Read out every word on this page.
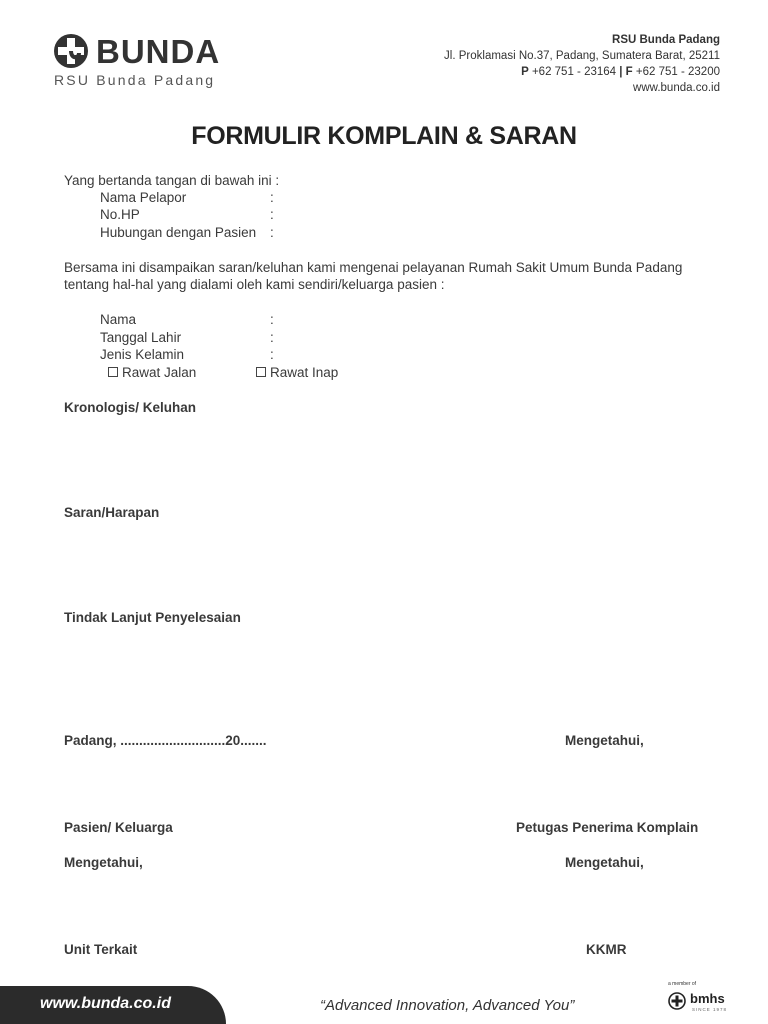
BUNDA
RSU Bunda Padang
RSU Bunda Padang
Jl. Proklamasi No.37, Padang, Sumatera Barat, 25211
P +62 751 - 23164 | F +62 751 - 23200
www.bunda.co.id
FORMULIR KOMPLAIN & SARAN
Yang bertanda tangan di bawah ini :
Nama Pelapor	:
No.HP	:
Hubungan dengan Pasien :
Bersama ini disampaikan saran/keluhan kami mengenai pelayanan Rumah Sakit Umum Bunda Padang
tentang hal-hal yang dialami oleh kami sendiri/keluarga pasien :
Nama	:
Tanggal Lahir	:
Jenis Kelamin	:
Rawat Jalan	Rawat Inap
Kronologis/ Keluhan
Saran/Harapan
Tindak Lanjut Penyelesaian
Padang, ............................20.......	Mengetahui,
Pasien/ Keluarga	Petugas Penerima Komplain
Mengetahui,	Mengetahui,
Unit Terkait	KKMR
www.bunda.co.id	“Advanced Innovation, Advanced You”
a member of
bmhs
SINCE 1978
